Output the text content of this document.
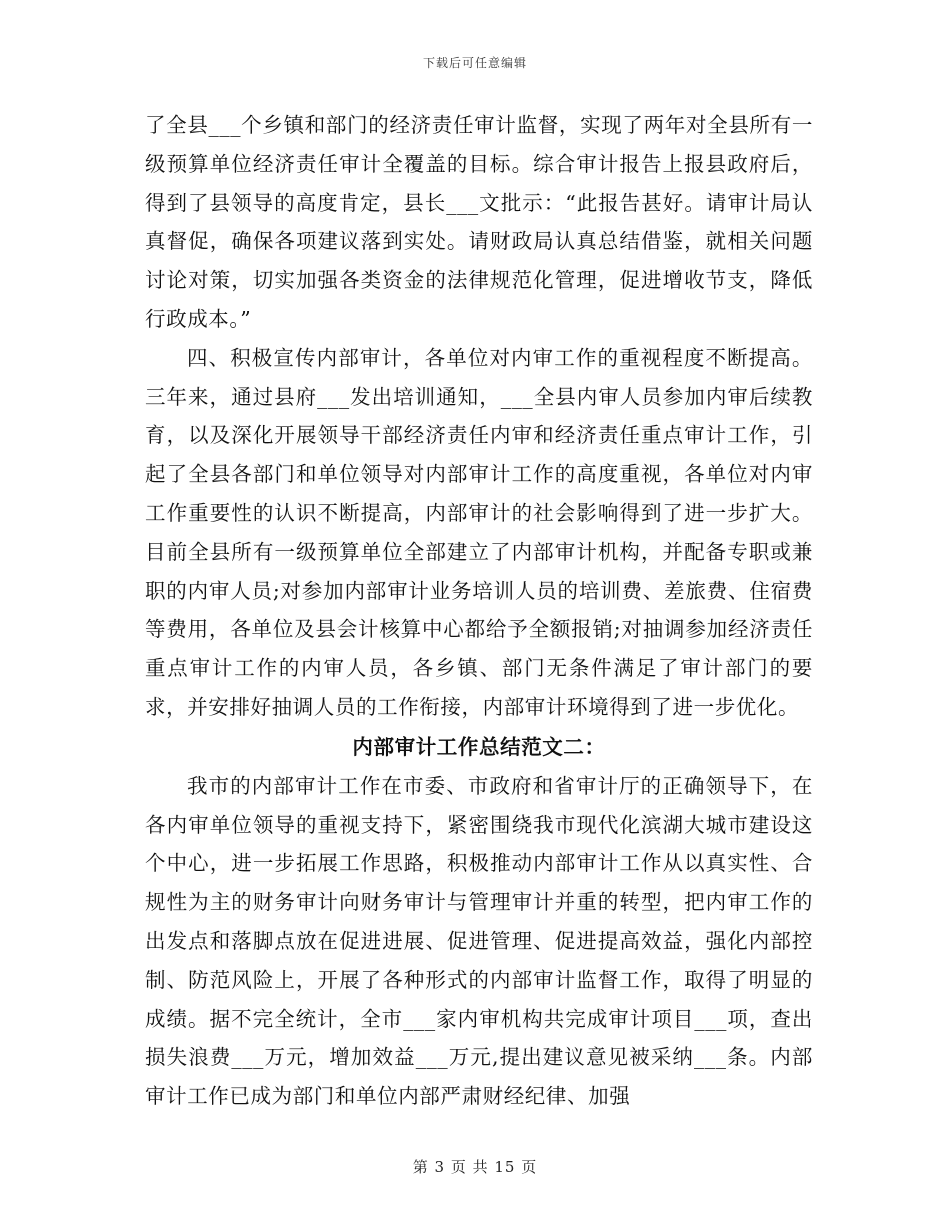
下载后可任意编辑

了全县___个乡镇和部门的经济责任审计监督，实现了两年对全县所有一级预算单位经济责任审计全覆盖的目标。综合审计报告上报县政府后，得到了县领导的高度肯定，县长___文批示：“此报告甚好。请审计局认真督促，确保各项建议落到实处。请财政局认真总结借鉴，就相关问题讨论对策，切实加强各类资金的法律规范化管理，促进增收节支，降低行政成本。”

四、积极宣传内部审计，各单位对内审工作的重视程度不断提高。三年来，通过县府___发出培训通知，___全县内审人员参加内审后续教育，以及深化开展领导干部经济责任内审和经济责任重点审计工作，引起了全县各部门和单位领导对内部审计工作的高度重视，各单位对内审工作重要性的认识不断提高，内部审计的社会影响得到了进一步扩大。目前全县所有一级预算单位全部建立了内部审计机构，并配备专职或兼职的内审人员;对参加内部审计业务培训人员的培训费、差旅费、住宿费等费用，各单位及县会计核算中心都给予全额报销;对抽调参加经济责任重点审计工作的内审人员，各乡镇、部门无条件满足了审计部门的要求，并安排好抽调人员的工作衔接，内部审计环境得到了进一步优化。

内部审计工作总结范文二：

我市的内部审计工作在市委、市政府和省审计厅的正确领导下，在各内审单位领导的重视支持下，紧密围绕我市现代化滨湖大城市建设这个中心，进一步拓展工作思路，积极推动内部审计工作从以真实性、合规性为主的财务审计向财务审计与管理审计并重的转型，把内审工作的出发点和落脚点放在促进进展、促进管理、促进提高效益，强化内部控制、防范风险上，开展了各种形式的内部审计监督工作，取得了明显的成绩。据不完全统计，全市___家内审机构共完成审计项目___项，查出损失浪费___万元，增加效益___万元,提出建议意见被采纳___条。内部审计工作已成为部门和单位内部严肃财经纪律、加强

第 3 页 共 15 页
